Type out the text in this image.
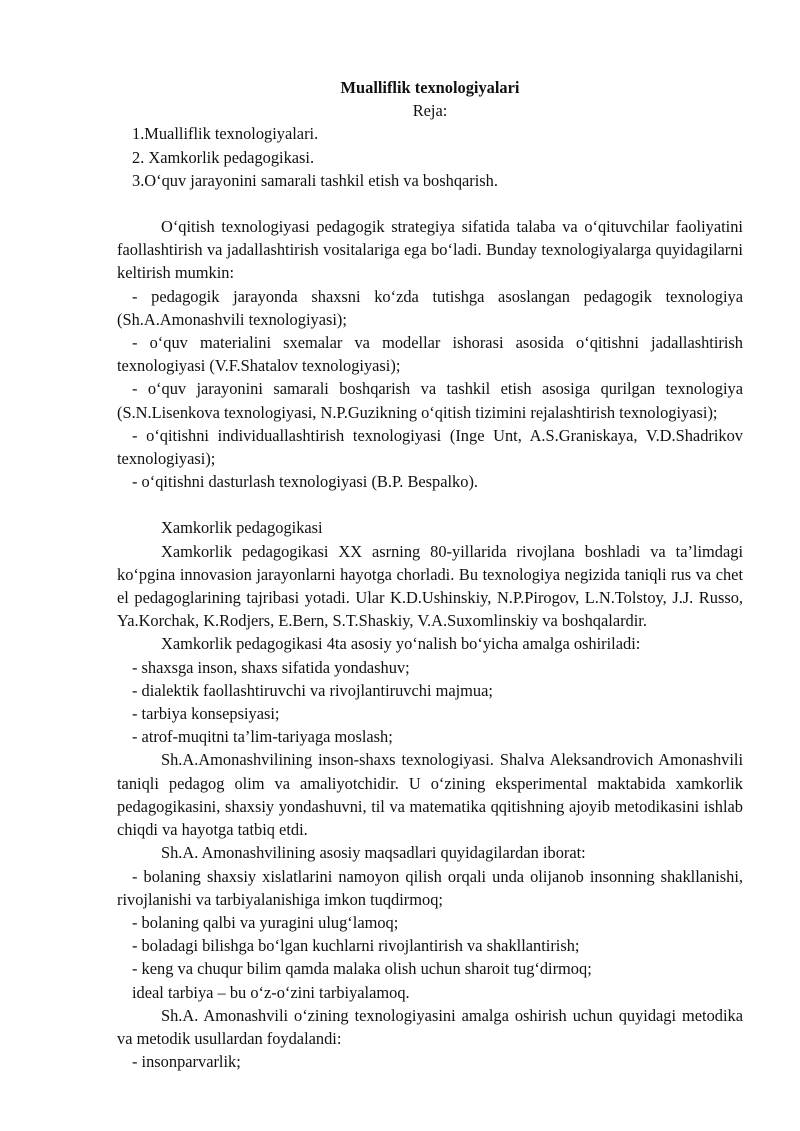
Mualliflik texnologiyalari

Reja:

1.Mualliflik texnologiyalari.
2. Xamkorlik pedagogikasi.
3.O‘quv jarayonini samarali tashkil etish va boshqarish.

O‘qitish texnologiyasi pedagogik strategiya sifatida talaba va o‘qituvchilar faoliyatini faollashtirish va jadallashtirish vositalariga ega bo‘ladi. Bunday texnologiyalarga quyidagilarni keltirish mumkin:

- pedagogik jarayonda shaxsni ko‘zda tutishga asoslangan pedagogik texnologiya (Sh.A.Amonashvili texnologiyasi);

- o‘quv materialini sxemalar va modellar ishorasi asosida o‘qitishni jadallashtirish texnologiyasi (V.F.Shatalov texnologiyasi);

- o‘quv jarayonini samarali boshqarish va tashkil etish asosiga qurilgan texnologiya (S.N.Lisenkova texnologiyasi, N.P.Guzikning o‘qitish tizimini rejalashtirish texnologiyasi);

- o‘qitishni individuallashtirish texnologiyasi (Inge Unt, A.S.Graniskaya, V.D.Shadrikov texnologiyasi);

- o‘qitishni dasturlash texnologiyasi (B.P. Bespalko).

Xamkorlik pedagogikasi

Xamkorlik pedagogikasi XX asrning 80-yillarida rivojlana boshladi va ta’limdagi ko‘pgina innovasion jarayonlarni hayotga chorladi. Bu texnologiya negizida taniqli rus va chet el pedagoglarining tajribasi yotadi. Ular K.D.Ushinskiy, N.P.Pirogov, L.N.Tolstoy, J.J. Russo, Ya.Korchak, K.Rodjers, E.Bern, S.T.Shaskiy, V.A.Suxomlinskiy va boshqalardir.

Xamkorlik pedagogikasi 4ta asosiy yo‘nalish bo‘yicha amalga oshiriladi:

- shaxsga inson, shaxs sifatida yondashuv;

- dialektik faollashtiruvchi va rivojlantiruvchi majmua;

- tarbiya konsepsiyasi;

- atrof-muqitni ta’lim-tariyaga moslash;

Sh.A.Amonashvilining inson-shaxs texnologiyasi. Shalva Aleksandrovich Amonashvili taniqli pedagog olim va amaliyotchidir. U o‘zining eksperimental maktabida xamkorlik pedagogikasini, shaxsiy yondashuvni, til va matematika qqitishning ajoyib metodikasini ishlab chiqdi va hayotga tatbiq etdi.

Sh.A. Amonashvilining asosiy maqsadlari quyidagilardan iborat:

- bolaning shaxsiy xislatlarini namoyon qilish orqali unda olijanob insonning shakllanishi, rivojlanishi va tarbiyalanishiga imkon tuqdirmoq;

- bolaning qalbi va yuragini ulug‘lamoq;

- boladagi bilishga bo‘lgan kuchlarni rivojlantirish va shakllantirish;

- keng va chuqur bilim qamda malaka olish uchun sharoit tug‘dirmoq;

ideal tarbiya – bu o‘z-o‘zini tarbiyalamoq.

Sh.A. Amonashvili o‘zining texnologiyasini amalga oshirish uchun quyidagi metodika va metodik usullardan foydalandi:

- insonparvarlik;
